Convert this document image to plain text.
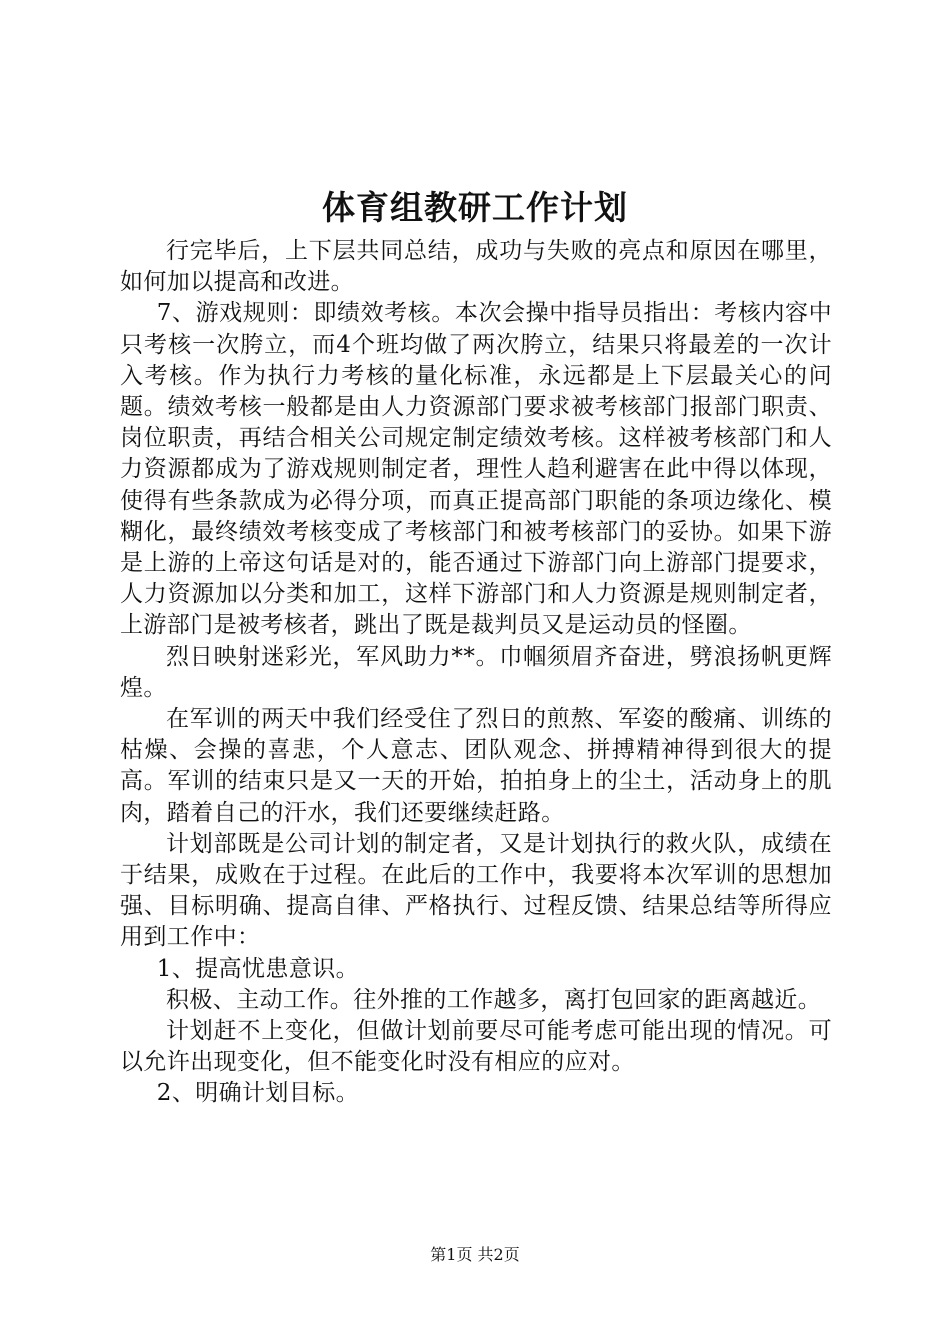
体育组教研工作计划

行完毕后，上下层共同总结，成功与失败的亮点和原因在哪里，如何加以提高和改进。

7、游戏规则：即绩效考核。本次会操中指导员指出：考核内容中只考核一次胯立，而4个班均做了两次胯立，结果只将最差的一次计入考核。作为执行力考核的量化标准，永远都是上下层最关心的问题。绩效考核一般都是由人力资源部门要求被考核部门报部门职责、岗位职责，再结合相关公司规定制定绩效考核。这样被考核部门和人力资源都成为了游戏规则制定者，理性人趋利避害在此中得以体现，使得有些条款成为必得分项，而真正提高部门职能的条项边缘化、模糊化，最终绩效考核变成了考核部门和被考核部门的妥协。如果下游是上游的上帝这句话是对的，能否通过下游部门向上游部门提要求，人力资源加以分类和加工，这样下游部门和人力资源是规则制定者，上游部门是被考核者，跳出了既是裁判员又是运动员的怪圈。

烈日映射迷彩光，军风助力**。巾帼须眉齐奋进，劈浪扬帆更辉煌。

在军训的两天中我们经受住了烈日的煎熬、军姿的酸痛、训练的枯燥、会操的喜悲，个人意志、团队观念、拼搏精神得到很大的提高。军训的结束只是又一天的开始，拍拍身上的尘土，活动身上的肌肉，踏着自己的汗水，我们还要继续赶路。

计划部既是公司计划的制定者，又是计划执行的救火队，成绩在于结果，成败在于过程。在此后的工作中，我要将本次军训的思想加强、目标明确、提高自律、严格执行、过程反馈、结果总结等所得应用到工作中：

1、提高忧患意识。

积极、主动工作。往外推的工作越多，离打包回家的距离越近。

计划赶不上变化，但做计划前要尽可能考虑可能出现的情况。可以允许出现变化，但不能变化时没有相应的应对。

2、明确计划目标。

第1页 共2页
